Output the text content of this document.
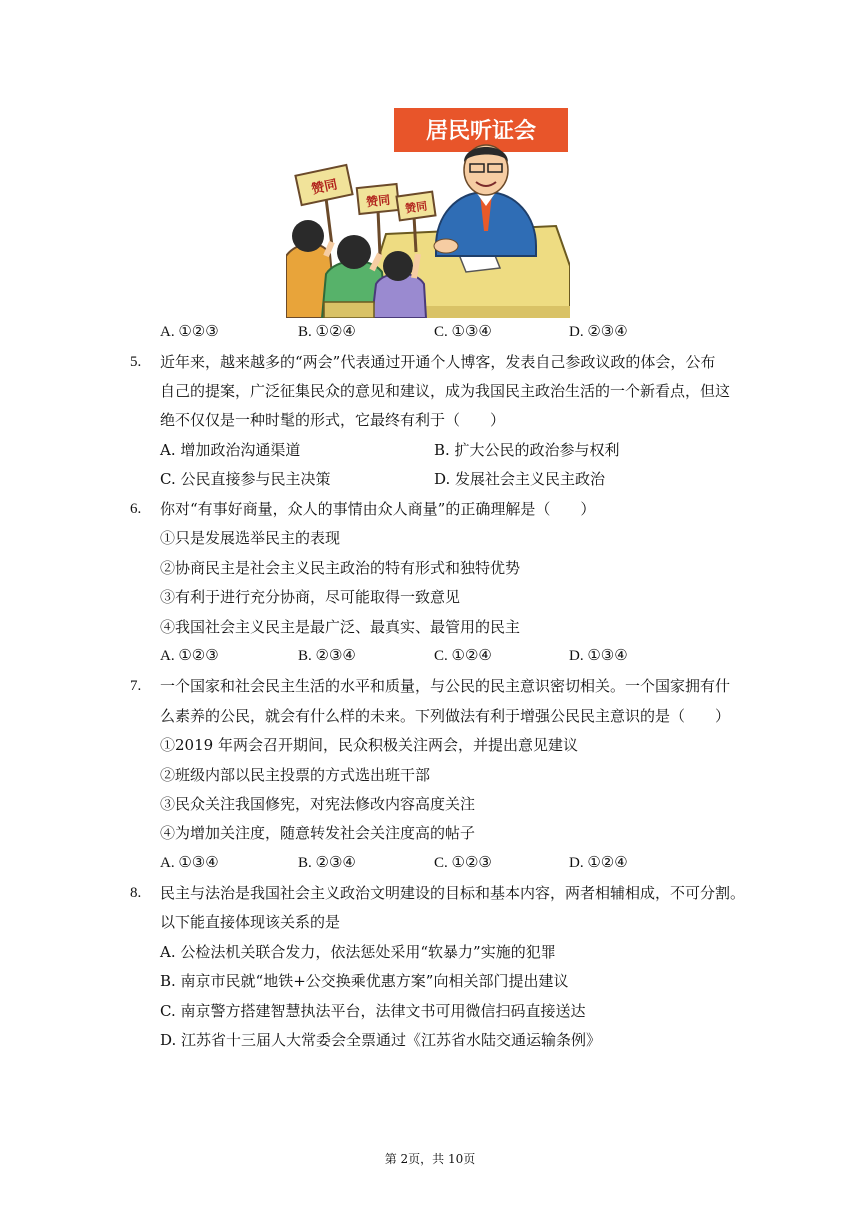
居民听证会
赞同
赞同 赞同
A. ①②③	B. ①②④	C. ①③④	D. ②③④
5. 近年来，越来越多的“两会”代表通过开通个人博客，发表自己参政议政的体会，公布
自己的提案，广泛征集民众的意见和建议，成为我国民主政治生活的一个新看点，但这
绝不仅仅是一种时髦的形式，它最终有利于（　　）
A. 增加政治沟通渠道	B. 扩大公民的政治参与权利
C. 公民直接参与民主决策	D. 发展社会主义民主政治
6. 你对“有事好商量，众人的事情由众人商量”的正确理解是（　　）
①只是发展选举民主的表现
②协商民主是社会主义民主政治的特有形式和独特优势
③有利于进行充分协商，尽可能取得一致意见
④我国社会主义民主是最广泛、最真实、最管用的民主
A. ①②③	B. ②③④	C. ①②④	D. ①③④
7. 一个国家和社会民主生活的水平和质量，与公民的民主意识密切相关。一个国家拥有什
么素养的公民，就会有什么样的未来。下列做法有利于增强公民民主意识的是（　　）
①2019 年两会召开期间，民众积极关注两会，并提出意见建议
②班级内部以民主投票的方式选出班干部
③民众关注我国修宪，对宪法修改内容高度关注
④为增加关注度，随意转发社会关注度高的帖子
A. ①③④	B. ②③④	C. ①②③	D. ①②④
8. 民主与法治是我国社会主义政治文明建设的目标和基本内容，两者相辅相成，不可分割。
以下能直接体现该关系的是
A. 公检法机关联合发力，依法惩处采用“软暴力”实施的犯罪
B. 南京市民就“地铁+公交换乘优惠方案”向相关部门提出建议
C. 南京警方搭建智慧执法平台，法律文书可用微信扫码直接送达
D. 江苏省十三届人大常委会全票通过《江苏省水陆交通运输条例》
第 2页，共 10页
